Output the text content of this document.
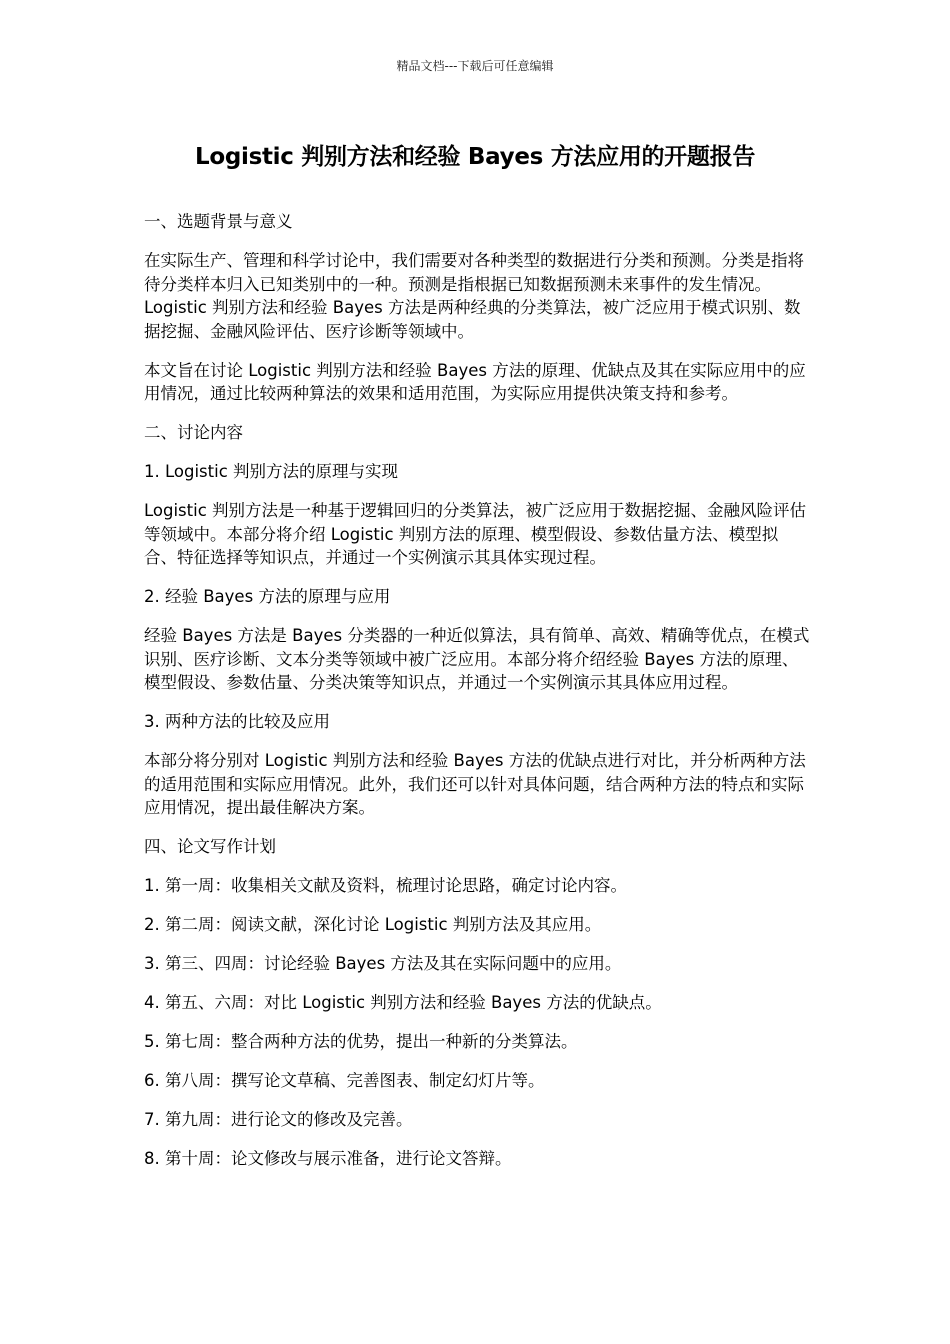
精品文档---下载后可任意编辑
Logistic 判别方法和经验 Bayes 方法应用的开题报告

一、选题背景与意义

在实际生产、管理和科学讨论中，我们需要对各种类型的数据进行分类和预测。分类是指将待分类样本归入已知类别中的一种。预测是指根据已知数据预测未来事件的发生情况。Logistic 判别方法和经验 Bayes 方法是两种经典的分类算法，被广泛应用于模式识别、数据挖掘、金融风险评估、医疗诊断等领域中。

本文旨在讨论 Logistic 判别方法和经验 Bayes 方法的原理、优缺点及其在实际应用中的应用情况，通过比较两种算法的效果和适用范围，为实际应用提供决策支持和参考。

二、讨论内容

1. Logistic 判别方法的原理与实现

Logistic 判别方法是一种基于逻辑回归的分类算法，被广泛应用于数据挖掘、金融风险评估等领域中。本部分将介绍 Logistic 判别方法的原理、模型假设、参数估量方法、模型拟合、特征选择等知识点，并通过一个实例演示其具体实现过程。

2. 经验 Bayes 方法的原理与应用

经验 Bayes 方法是 Bayes 分类器的一种近似算法，具有简单、高效、精确等优点，在模式识别、医疗诊断、文本分类等领域中被广泛应用。本部分将介绍经验 Bayes 方法的原理、模型假设、参数估量、分类决策等知识点，并通过一个实例演示其具体应用过程。

3. 两种方法的比较及应用

本部分将分别对 Logistic 判别方法和经验 Bayes 方法的优缺点进行对比，并分析两种方法的适用范围和实际应用情况。此外，我们还可以针对具体问题，结合两种方法的特点和实际应用情况，提出最佳解决方案。

四、论文写作计划

1. 第一周：收集相关文献及资料，梳理讨论思路，确定讨论内容。

2. 第二周：阅读文献，深化讨论 Logistic 判别方法及其应用。

3. 第三、四周：讨论经验 Bayes 方法及其在实际问题中的应用。

4. 第五、六周：对比 Logistic 判别方法和经验 Bayes 方法的优缺点。

5. 第七周：整合两种方法的优势，提出一种新的分类算法。

6. 第八周：撰写论文草稿、完善图表、制定幻灯片等。

7. 第九周：进行论文的修改及完善。

8. 第十周：论文修改与展示准备，进行论文答辩。
